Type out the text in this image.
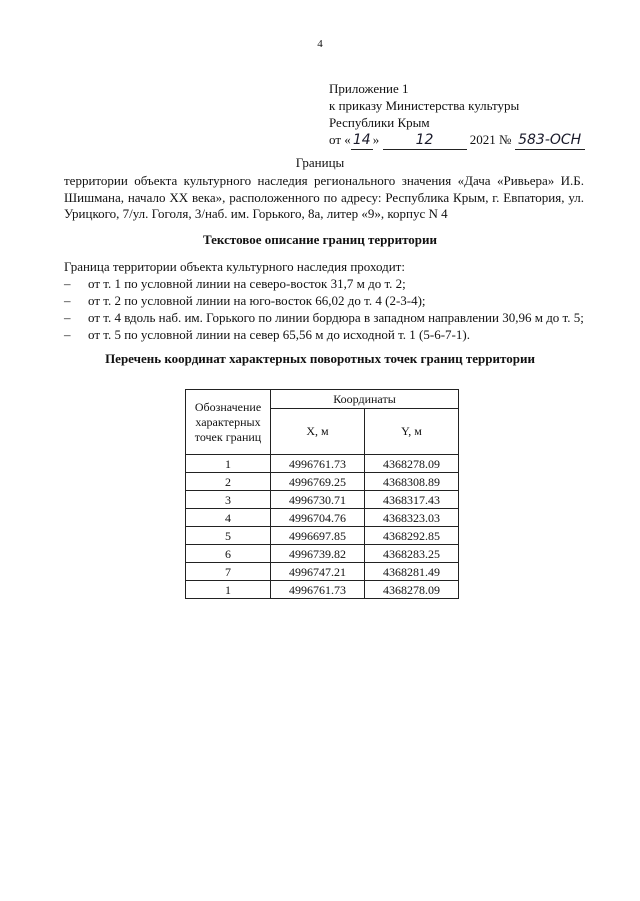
4
Приложение 1
к приказу Министерства культуры
Республики Крым
от « 14 »	12	2021 № 583-ОСН
Границы
территории объекта культурного наследия регионального значения «Дача «Ривьера» И.Б. Шишмана, начало XX века», расположенного по адресу: Республика Крым, г. Евпатория, ул. Урицкого, 7/ул. Гоголя, 3/наб. им. Горького, 8а, литер «9», корпус N 4
Текстовое описание границ территории
Граница территории объекта культурного наследия проходит:
– от т. 1 по условной линии на северо-восток 31,7 м до т. 2;
– от т. 2 по условной линии на юго-восток 66,02 до т. 4 (2-3-4);
– от т. 4 вдоль наб. им. Горького по линии бордюра в западном направлении 30,96 м до т. 5;
– от т. 5 по условной линии на север 65,56 м до исходной т. 1 (5-6-7-1).
Перечень координат характерных поворотных точек границ территории
Обозначение характерных точек границ	Координаты	
	X, м	Y, м
1	4996761.73	4368278.09
2	4996769.25	4368308.89
3	4996730.71	4368317.43
4	4996704.76	4368323.03
5	4996697.85	4368292.85
6	4996739.82	4368283.25
7	4996747.21	4368281.49
1	4996761.73	4368278.09
